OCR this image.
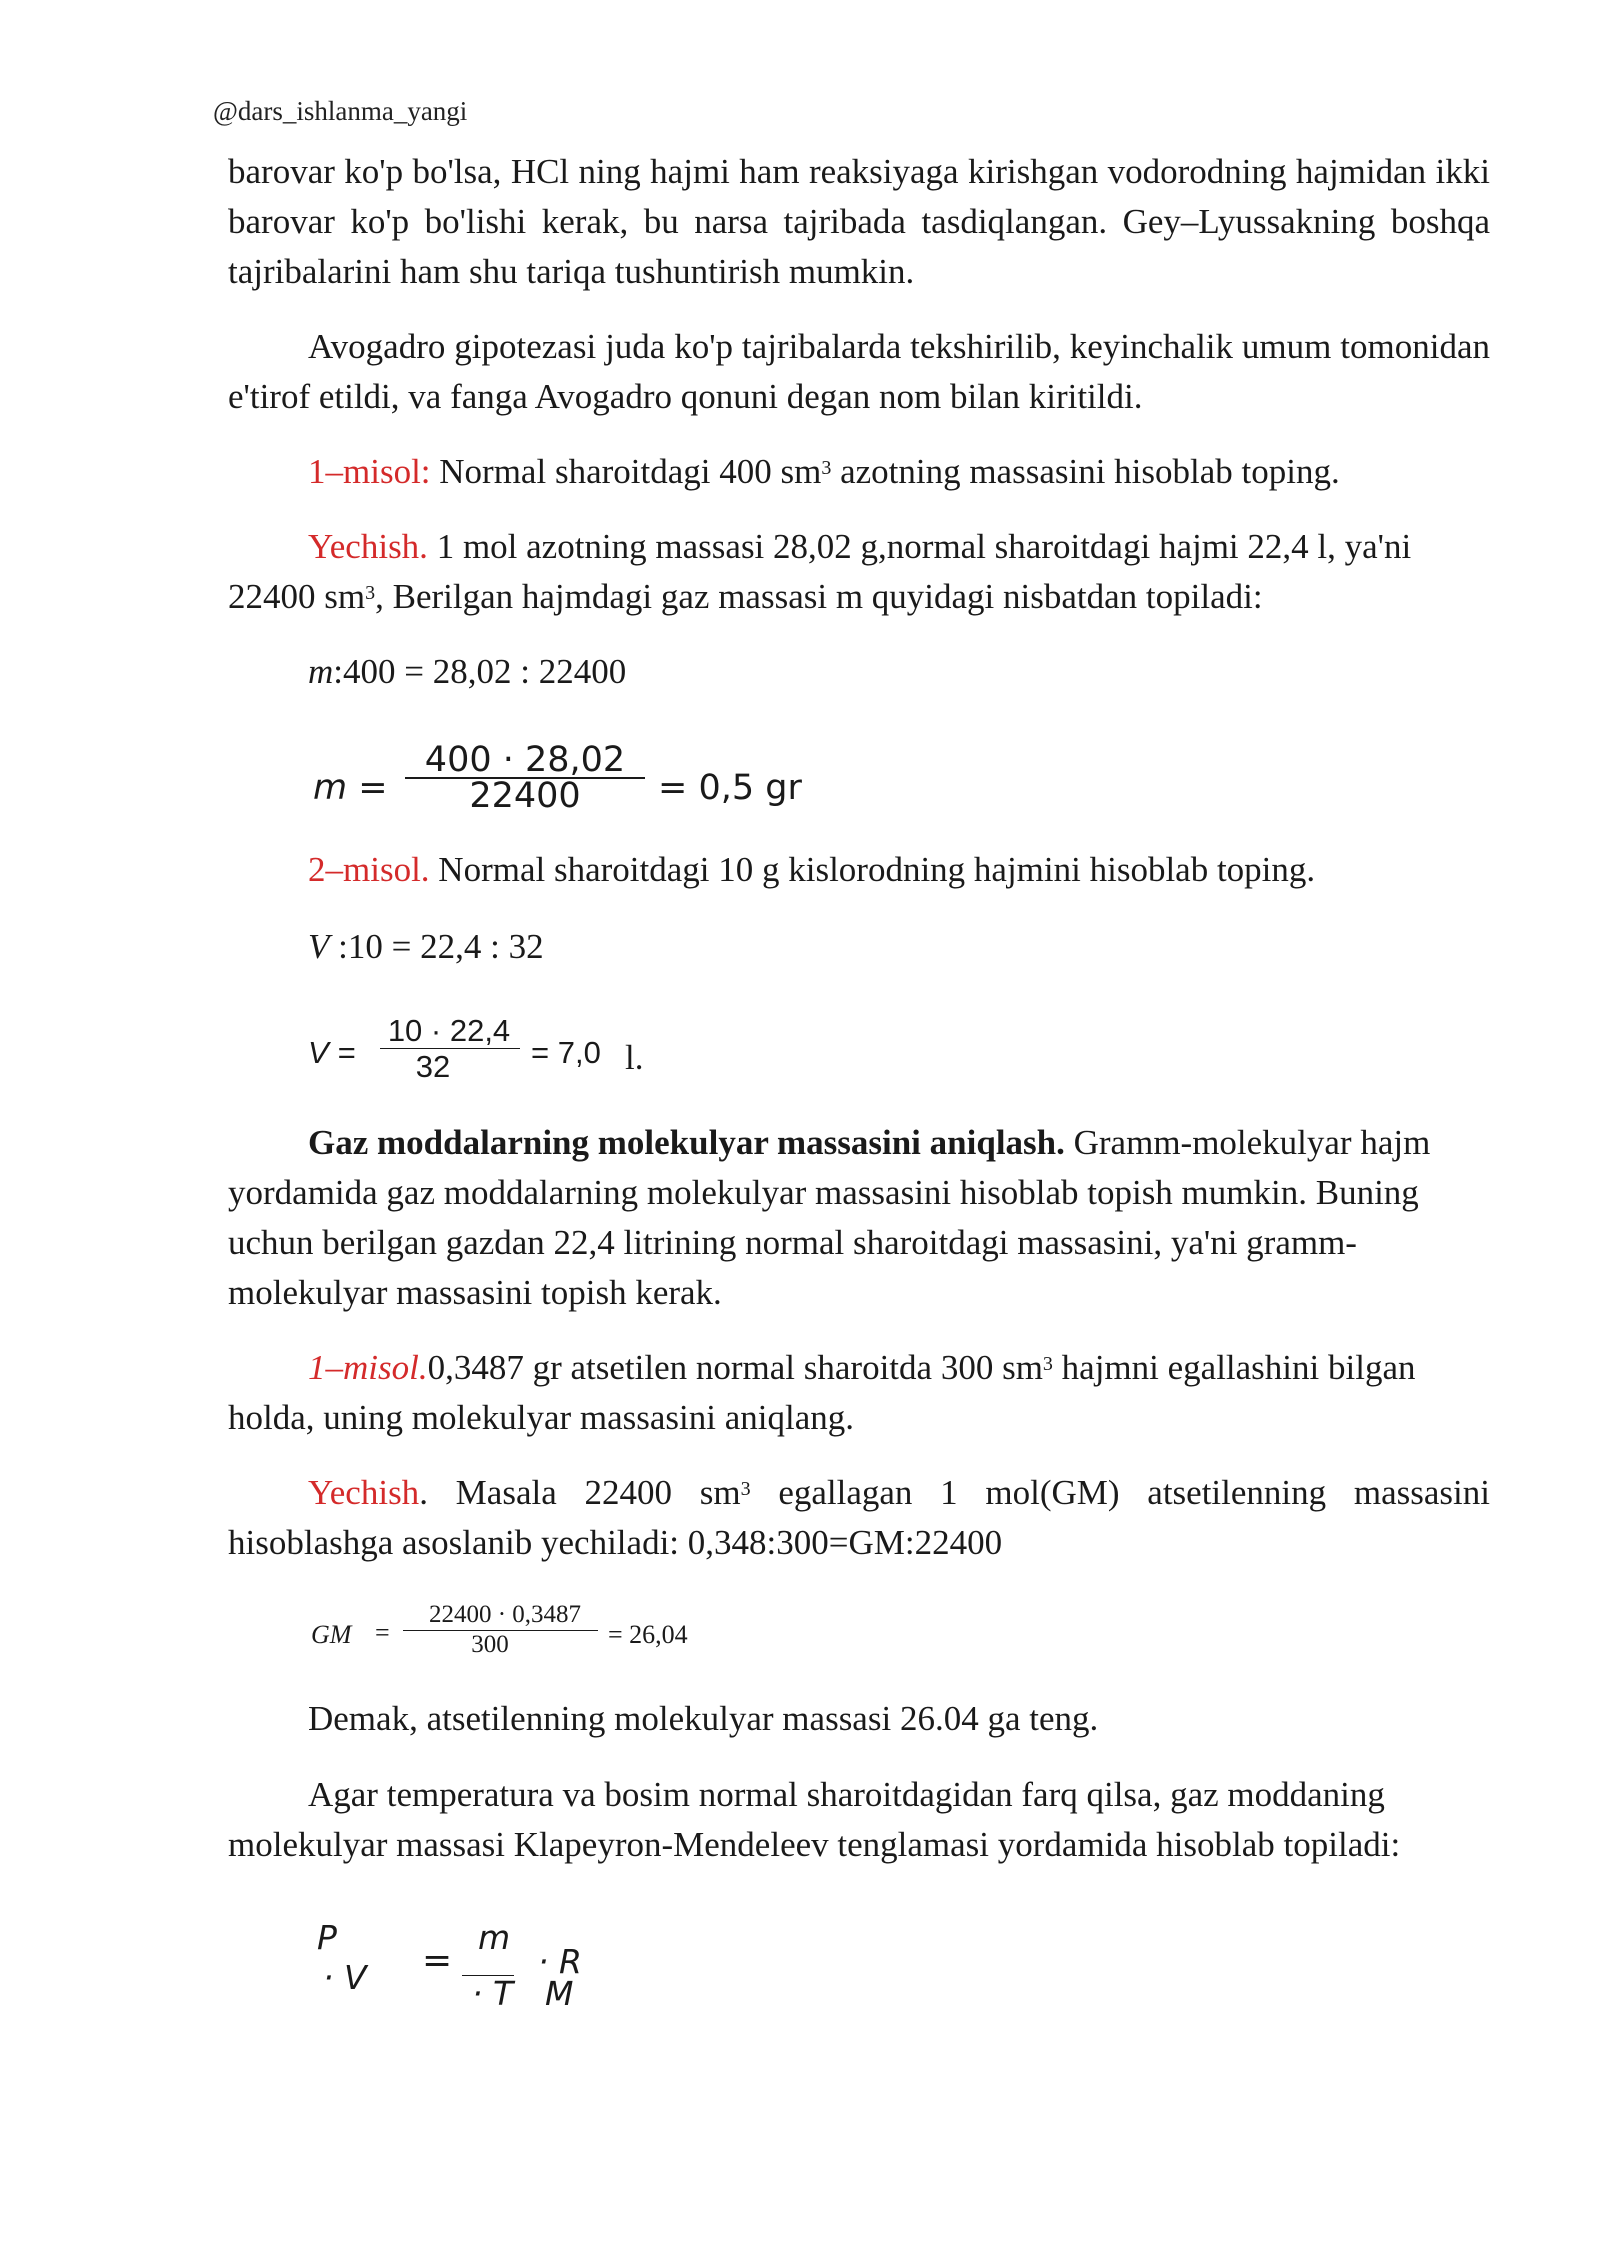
@dars_ishlanma_yangi

barovar ko'p bo'lsa, HCl ning hajmi ham reaksiyaga kirishgan vodorodning hajmidan ikki barovar ko'p bo'lishi kerak, bu narsa tajribada tasdiqlangan. Gey–Lyussakning boshqa tajribalarini ham shu tariqa tushuntirish mumkin.

Avogadro gipotezasi juda ko'p tajribalarda tekshirilib, keyinchalik umum tomonidan e'tirof etildi, va fanga Avogadro qonuni degan nom bilan kiritildi.

1–misol: Normal sharoitdagi 400 $sm^3$ azotning massasini hisoblab toping.

Yechish. 1 mol azotning massasi 28,02 g,normal sharoitdagi hajmi 22,4 l, ya'ni 22400 $sm^3$, Berilgan hajmdagi gaz massasi m quyidagi nisbatdan topiladi:

m:400 = 28,02 : 22400
m =
400 · 28,02
22400	= 0,5 gr

2–misol. Normal sharoitdagi 10 g kislorodning hajmini hisoblab toping.

V :10 = 22,4 : 32
V =
10 · 22,4
32	= 7,0 l.

Gaz moddalarning molekulyar massasini aniqlash. Gramm-molekulyar hajm yordamida gaz moddalarning molekulyar massasini hisoblab topish mumkin. Buning uchun berilgan gazdan 22,4 litrining normal sharoitdagi massasini, ya'ni gramm-molekulyar massasini topish kerak.

1–misol.0,3487 gr atsetilen normal sharoitda 300 $sm^3$ hajmni egallashini bilgan holda, uning molekulyar massasini aniqlang.

Yechish. Masala 22400 $sm^3$ egallagan 1 mol(GM) atsetilenning massasini hisoblashga asoslanib yechiladi: 0,348:300=GM:22400

GM =
22400 · 0,3487
300	= 26,04
Demak, atsetilenning molekulyar massasi 26.04 ga teng.

Agar temperatura va bosim normal sharoitdagidan farq qilsa, gaz moddaning molekulyar massasi Klapeyron-Mendeleev tenglamasi yordamida hisoblab topiladi:

P
· V =
m
· R
· T M
